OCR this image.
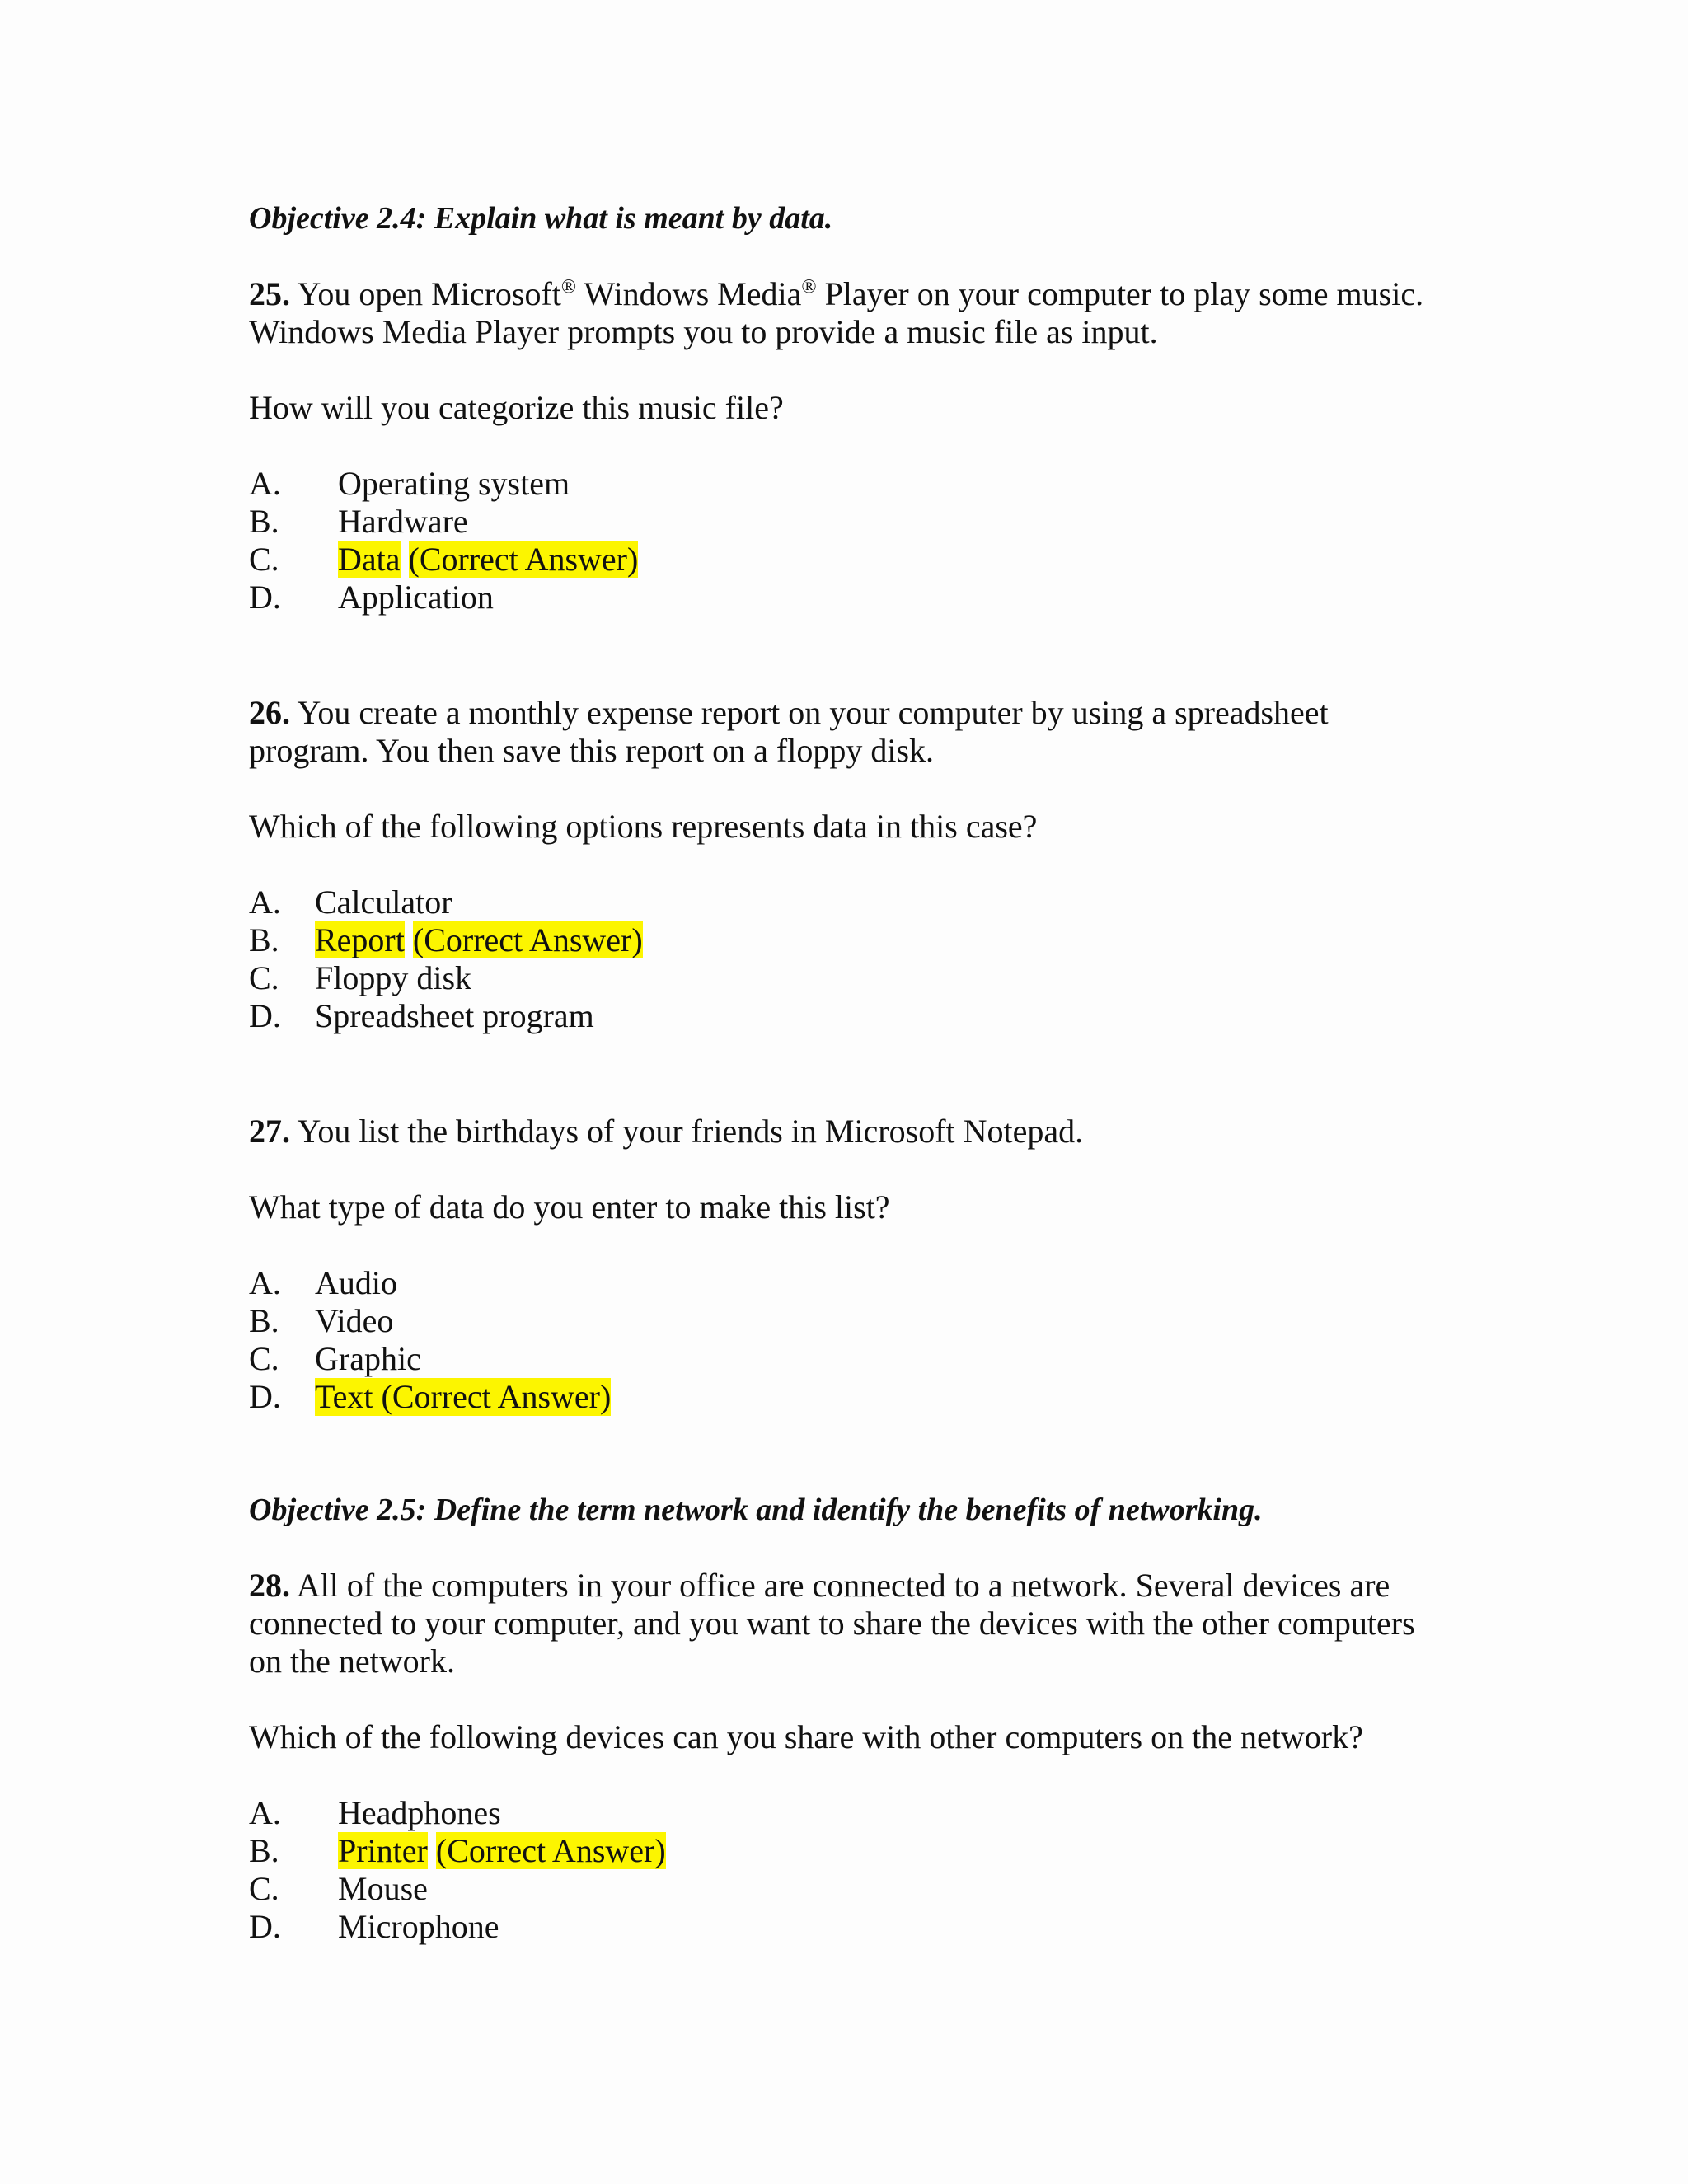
Objective 2.4: Explain what is meant by data.
25. You open Microsoft® Windows Media® Player on your computer to play some music.
Windows Media Player prompts you to provide a music file as input.
How will you categorize this music file?
A. Operating system
B. Hardware
C. Data (Correct Answer)
D. Application
26. You create a monthly expense report on your computer by using a spreadsheet
program. You then save this report on a floppy disk.
Which of the following options represents data in this case?
A. Calculator
B. Report (Correct Answer)
C. Floppy disk
D. Spreadsheet program
27. You list the birthdays of your friends in Microsoft Notepad.
What type of data do you enter to make this list?
A. Audio
B. Video
C. Graphic
D. Text (Correct Answer)
Objective 2.5: Define the term network and identify the benefits of networking.
28. All of the computers in your office are connected to a network. Several devices are
connected to your computer, and you want to share the devices with the other computers
on the network.
Which of the following devices can you share with other computers on the network?
A. Headphones
B. Printer (Correct Answer)
C. Mouse
D. Microphone
